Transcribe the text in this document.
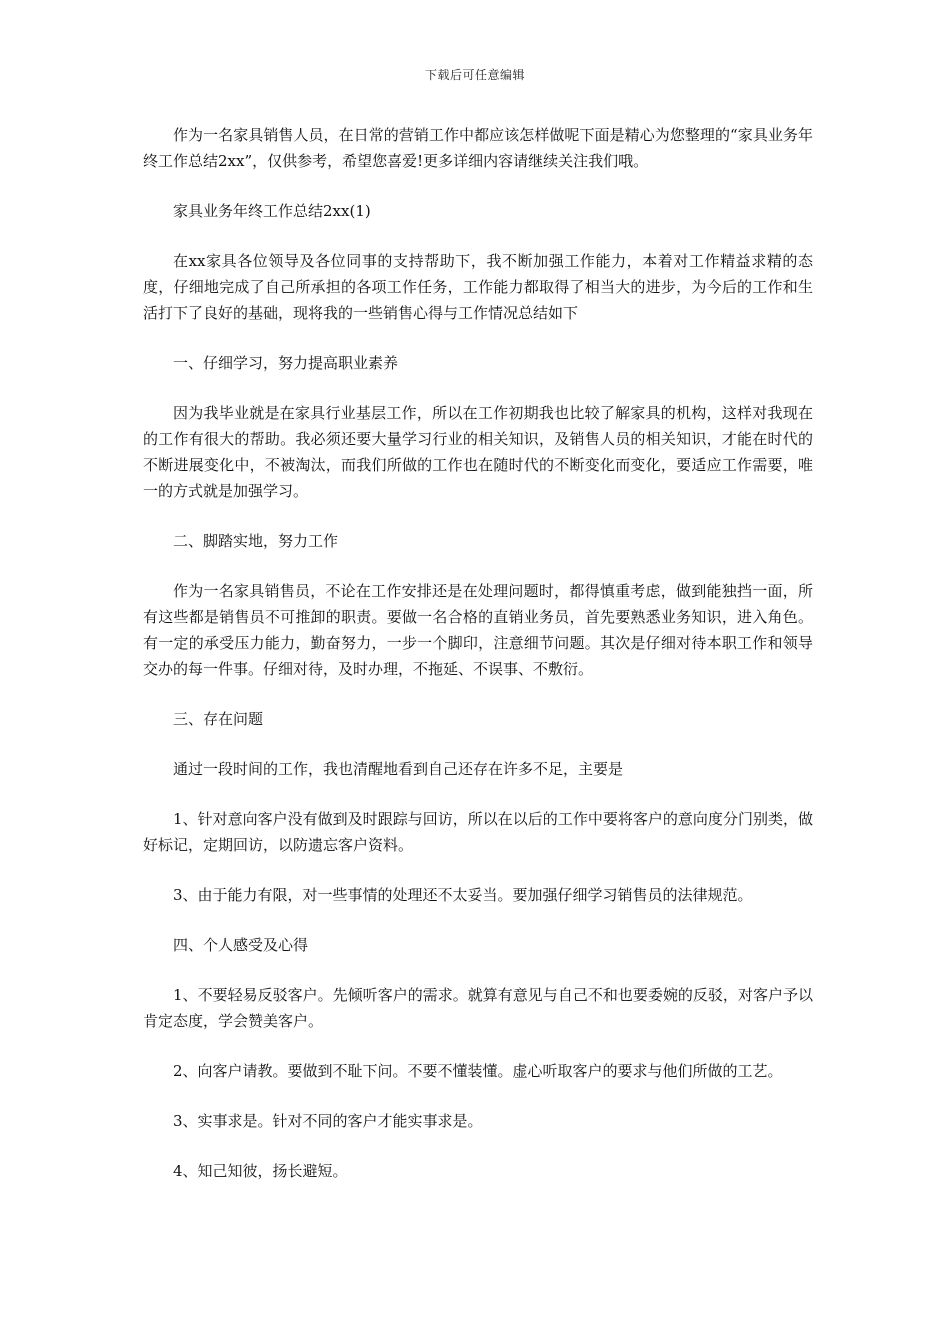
下载后可任意编辑

作为一名家具销售人员，在日常的营销工作中都应该怎样做呢下面是精心为您整理的“家具业务年终工作总结2xx”，仅供参考，希望您喜爱!更多详细内容请继续关注我们哦。

家具业务年终工作总结2xx(1)

在xx家具各位领导及各位同事的支持帮助下，我不断加强工作能力，本着对工作精益求精的态度，仔细地完成了自己所承担的各项工作任务，工作能力都取得了相当大的进步，为今后的工作和生活打下了良好的基础，现将我的一些销售心得与工作情况总结如下

一、仔细学习，努力提高职业素养

因为我毕业就是在家具行业基层工作，所以在工作初期我也比较了解家具的机构，这样对我现在的工作有很大的帮助。我必须还要大量学习行业的相关知识，及销售人员的相关知识，才能在时代的不断进展变化中，不被淘汰，而我们所做的工作也在随时代的不断变化而变化，要适应工作需要，唯一的方式就是加强学习。

二、脚踏实地，努力工作

作为一名家具销售员，不论在工作安排还是在处理问题时，都得慎重考虑，做到能独挡一面，所有这些都是销售员不可推卸的职责。要做一名合格的直销业务员，首先要熟悉业务知识，进入角色。有一定的承受压力能力，勤奋努力，一步一个脚印，注意细节问题。其次是仔细对待本职工作和领导交办的每一件事。仔细对待，及时办理，不拖延、不误事、不敷衍。

三、存在问题

通过一段时间的工作，我也清醒地看到自己还存在许多不足，主要是

1、针对意向客户没有做到及时跟踪与回访，所以在以后的工作中要将客户的意向度分门别类，做好标记，定期回访，以防遗忘客户资料。

3、由于能力有限，对一些事情的处理还不太妥当。要加强仔细学习销售员的法律规范。

四、个人感受及心得

1、不要轻易反驳客户。先倾听客户的需求。就算有意见与自己不和也要委婉的反驳，对客户予以肯定态度，学会赞美客户。

2、向客户请教。要做到不耻下问。不要不懂装懂。虚心听取客户的要求与他们所做的工艺。

3、实事求是。针对不同的客户才能实事求是。

4、知己知彼，扬长避短。
